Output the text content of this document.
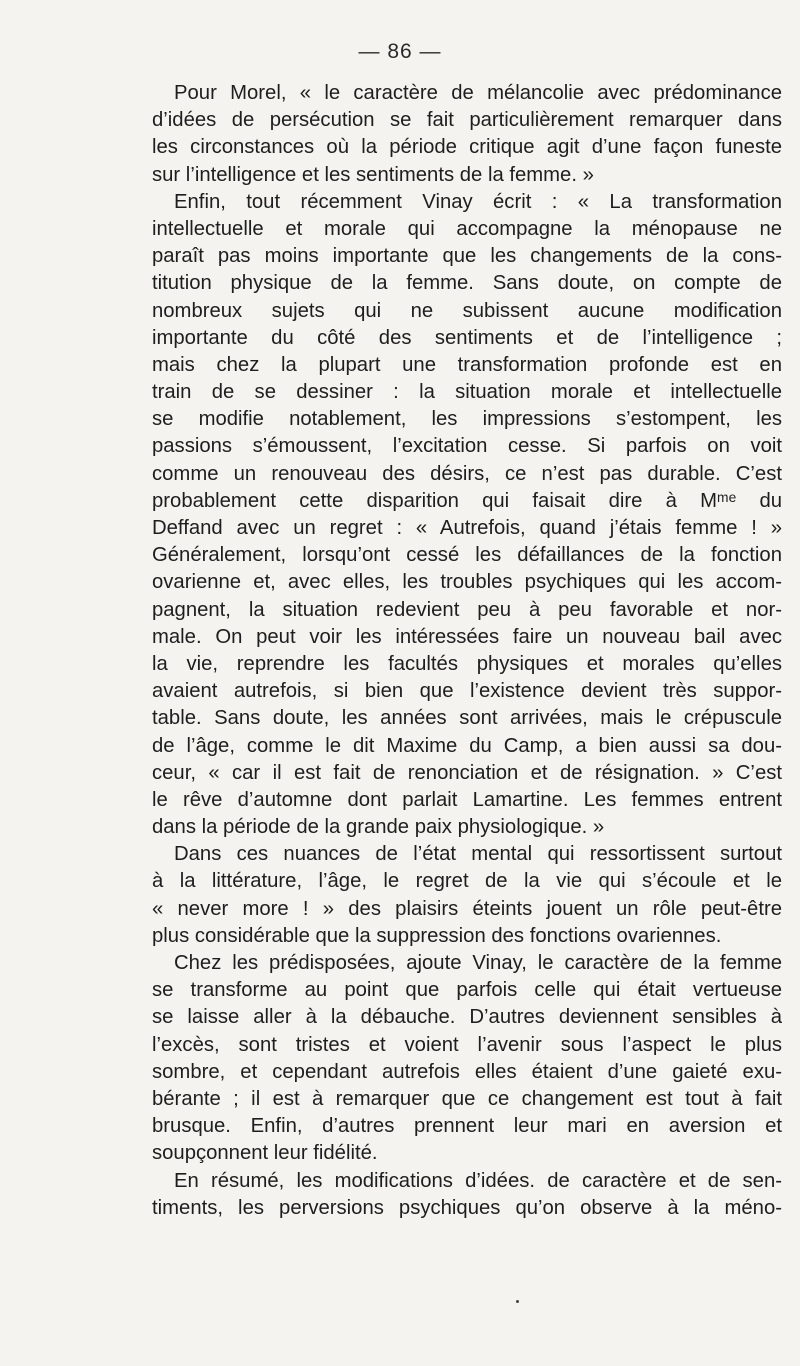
— 86 —
Pour Morel, « le caractère de mélancolie avec prédominance
d’idées de persécution se fait particulièrement remarquer dans
les circonstances où la période critique agit d’une façon funeste
sur l’intelligence et les sentiments de la femme. »
Enfin, tout récemment Vinay écrit : « La transformation
intellectuelle et morale qui accompagne la ménopause ne
paraît pas moins importante que les changements de la cons-
titution physique de la femme. Sans doute, on compte de
nombreux sujets qui ne subissent aucune modification
importante du côté des sentiments et de l’intelligence ;
mais chez la plupart une transformation profonde est en
train de se dessiner : la situation morale et intellectuelle
se modifie notablement, les impressions s’estompent, les
passions s’émoussent, l’excitation cesse. Si parfois on voit
comme un renouveau des désirs, ce n’est pas durable. C’est
probablement cette disparition qui faisait dire à Mᵐᵉ du
Deffand avec un regret : « Autrefois, quand j’étais femme ! »
Généralement, lorsqu’ont cessé les défaillances de la fonction
ovarienne et, avec elles, les troubles psychiques qui les accom-
pagnent, la situation redevient peu à peu favorable et nor-
male. On peut voir les intéressées faire un nouveau bail avec
la vie, reprendre les facultés physiques et morales qu’elles
avaient autrefois, si bien que l’existence devient très suppor-
table. Sans doute, les années sont arrivées, mais le crépuscule
de l’âge, comme le dit Maxime du Camp, a bien aussi sa dou-
ceur, « car il est fait de renonciation et de résignation. » C’est
le rêve d’automne dont parlait Lamartine. Les femmes entrent
dans la période de la grande paix physiologique. »
Dans ces nuances de l’état mental qui ressortissent surtout
à la littérature, l’âge, le regret de la vie qui s’écoule et le
« never more ! » des plaisirs éteints jouent un rôle peut-être
plus considérable que la suppression des fonctions ovariennes.
Chez les prédisposées, ajoute Vinay, le caractère de la femme
se transforme au point que parfois celle qui était vertueuse
se laisse aller à la débauche. D’autres deviennent sensibles à
l’excès, sont tristes et voient l’avenir sous l’aspect le plus
sombre, et cependant autrefois elles étaient d’une gaieté exu-
bérante ; il est à remarquer que ce changement est tout à fait
brusque. Enfin, d’autres prennent leur mari en aversion et
soupçonnent leur fidélité.
En résumé, les modifications d’idées. de caractère et de sen-
timents, les perversions psychiques qu’on observe à la méno-
